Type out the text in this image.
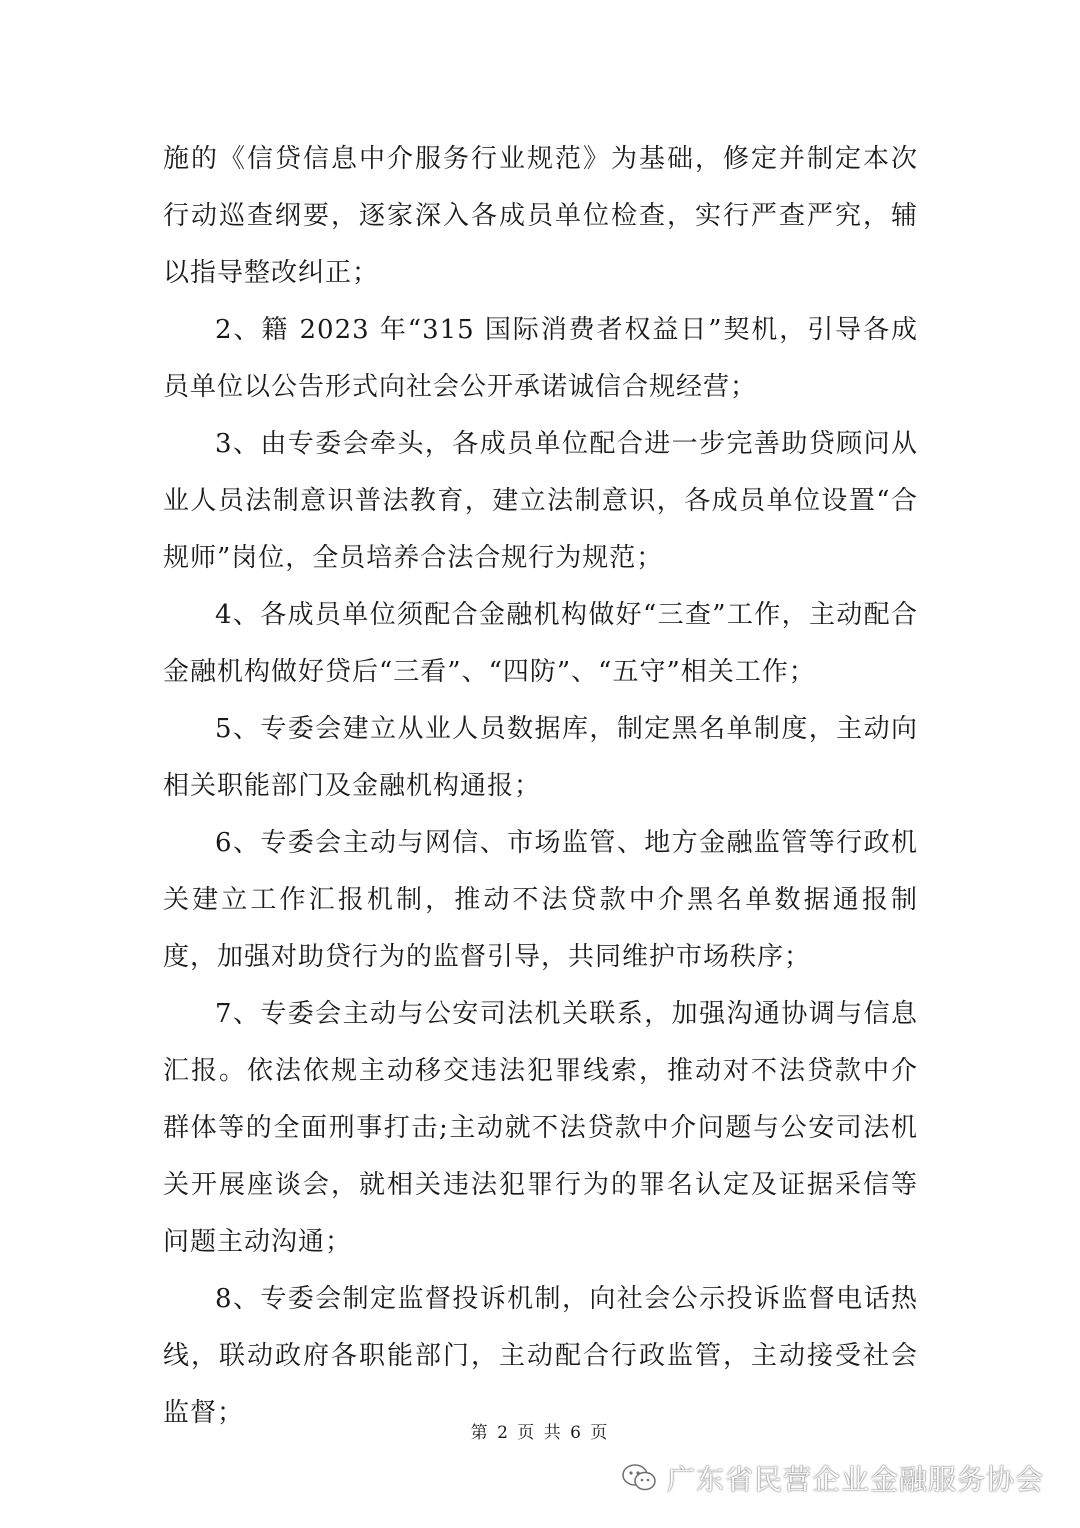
施的《信贷信息中介服务行业规范》为基础，修定并制定本次行动巡查纲要，逐家深入各成员单位检查，实行严查严究，辅以指导整改纠正；

2、籍 2023 年“315 国际消费者权益日”契机，引导各成员单位以公告形式向社会公开承诺诚信合规经营；

3、由专委会牵头，各成员单位配合进一步完善助贷顾问从业人员法制意识普法教育，建立法制意识，各成员单位设置“合规师”岗位，全员培养合法合规行为规范；

4、各成员单位须配合金融机构做好“三查”工作，主动配合金融机构做好贷后“三看”、“四防”、“五守”相关工作；

5、专委会建立从业人员数据库，制定黑名单制度，主动向相关职能部门及金融机构通报；

6、专委会主动与网信、市场监管、地方金融监管等行政机关建立工作汇报机制，推动不法贷款中介黑名单数据通报制度，加强对助贷行为的监督引导，共同维护市场秩序；

7、专委会主动与公安司法机关联系，加强沟通协调与信息汇报。依法依规主动移交违法犯罪线索，推动对不法贷款中介群体等的全面刑事打击;主动就不法贷款中介问题与公安司法机关开展座谈会，就相关违法犯罪行为的罪名认定及证据采信等问题主动沟通；

8、专委会制定监督投诉机制，向社会公示投诉监督电话热线，联动政府各职能部门，主动配合行政监管，主动接受社会监督；

第 2 页 共 6 页
广东省民营企业金融服务协会
